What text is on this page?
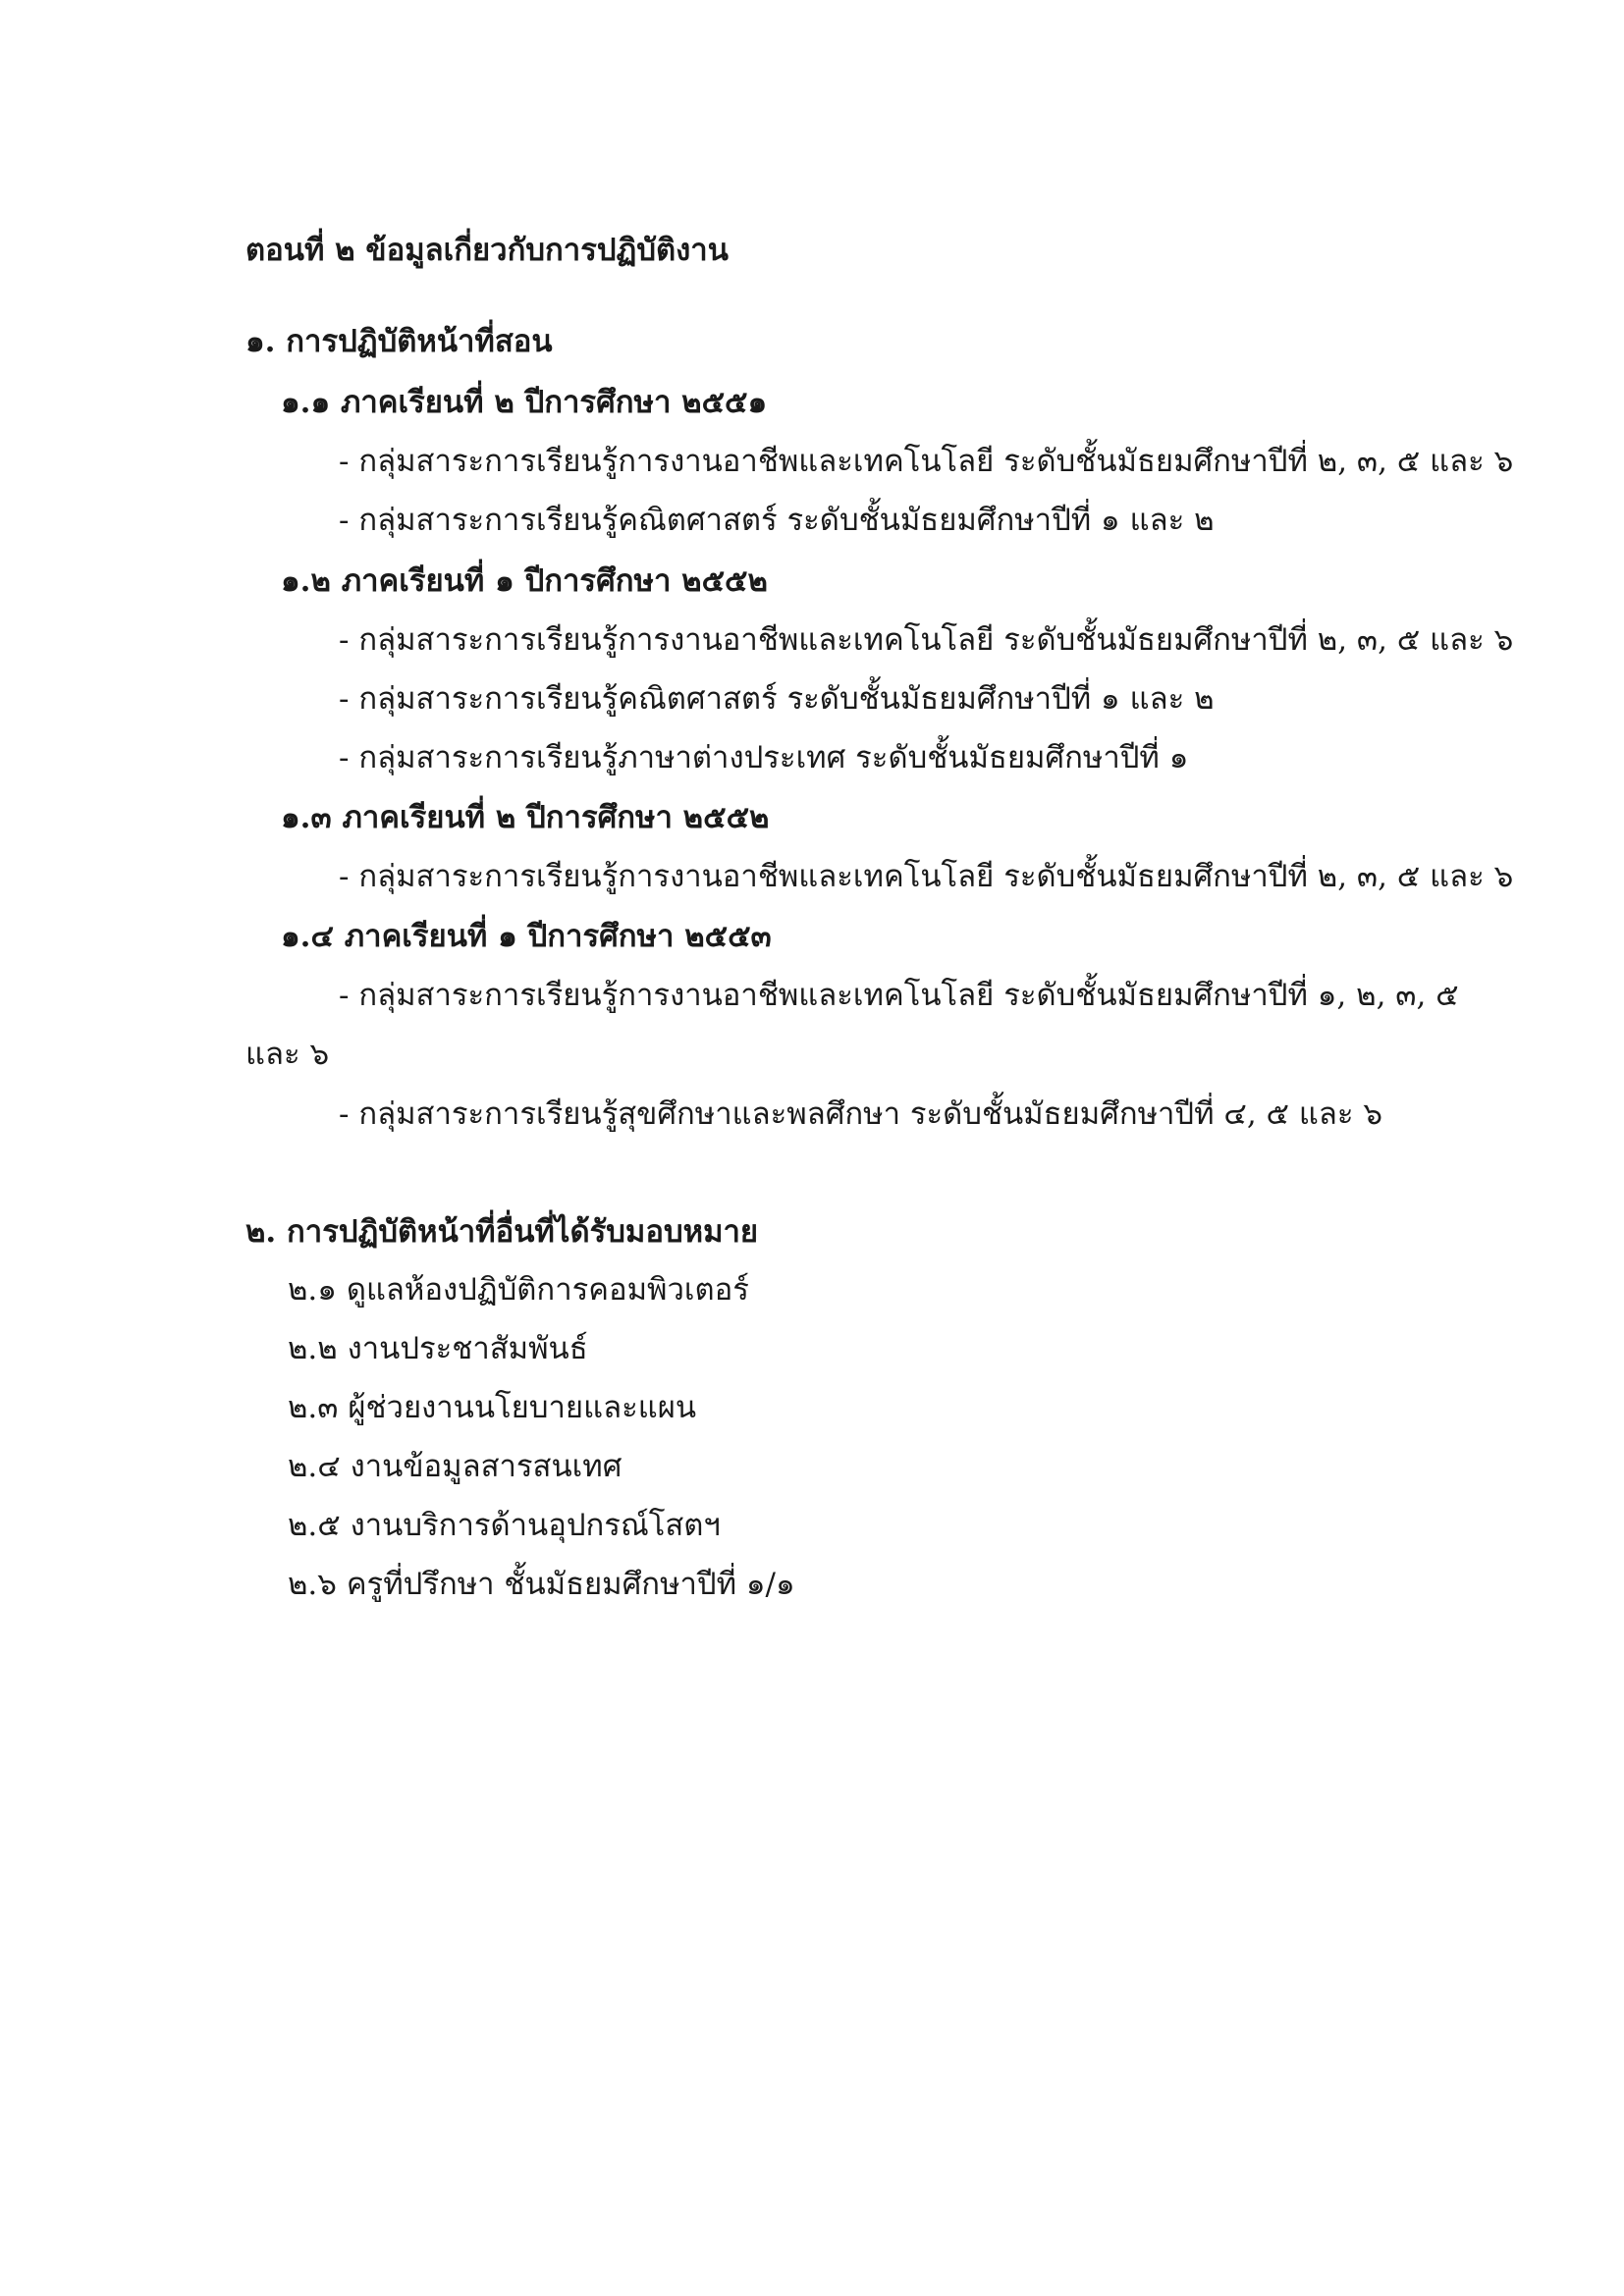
ตอนที่ ๒ ข้อมูลเกี่ยวกับการปฏิบัติงาน
๑. การปฏิบัติหน้าที่สอน
๑.๑ ภาคเรียนที่ ๒ ปีการศึกษา ๒๕๕๑
- กลุ่มสาระการเรียนรู้การงานอาชีพและเทคโนโลยี ระดับชั้นมัธยมศึกษาปีที่ ๒, ๓, ๕ และ ๖
- กลุ่มสาระการเรียนรู้คณิตศาสตร์ ระดับชั้นมัธยมศึกษาปีที่ ๑ และ ๒
๑.๒ ภาคเรียนที่ ๑ ปีการศึกษา ๒๕๕๒
- กลุ่มสาระการเรียนรู้การงานอาชีพและเทคโนโลยี ระดับชั้นมัธยมศึกษาปีที่ ๒, ๓, ๕ และ ๖
- กลุ่มสาระการเรียนรู้คณิตศาสตร์ ระดับชั้นมัธยมศึกษาปีที่ ๑ และ ๒
- กลุ่มสาระการเรียนรู้ภาษาต่างประเทศ ระดับชั้นมัธยมศึกษาปีที่ ๑
๑.๓ ภาคเรียนที่ ๒ ปีการศึกษา ๒๕๕๒
- กลุ่มสาระการเรียนรู้การงานอาชีพและเทคโนโลยี ระดับชั้นมัธยมศึกษาปีที่ ๒, ๓, ๕ และ ๖
๑.๔ ภาคเรียนที่ ๑ ปีการศึกษา ๒๕๕๓
- กลุ่มสาระการเรียนรู้การงานอาชีพและเทคโนโลยี ระดับชั้นมัธยมศึกษาปีที่ ๑, ๒, ๓, ๕
และ ๖
- กลุ่มสาระการเรียนรู้สุขศึกษาและพลศึกษา ระดับชั้นมัธยมศึกษาปีที่ ๔, ๕ และ ๖
๒. การปฏิบัติหน้าที่อื่นที่ได้รับมอบหมาย
๒.๑ ดูแลห้องปฏิบัติการคอมพิวเตอร์
๒.๒ งานประชาสัมพันธ์
๒.๓ ผู้ช่วยงานนโยบายและแผน
๒.๔ งานข้อมูลสารสนเทศ
๒.๕ งานบริการด้านอุปกรณ์โสตฯ
๒.๖ ครูที่ปรึกษา ชั้นมัธยมศึกษาปีที่ ๑/๑
